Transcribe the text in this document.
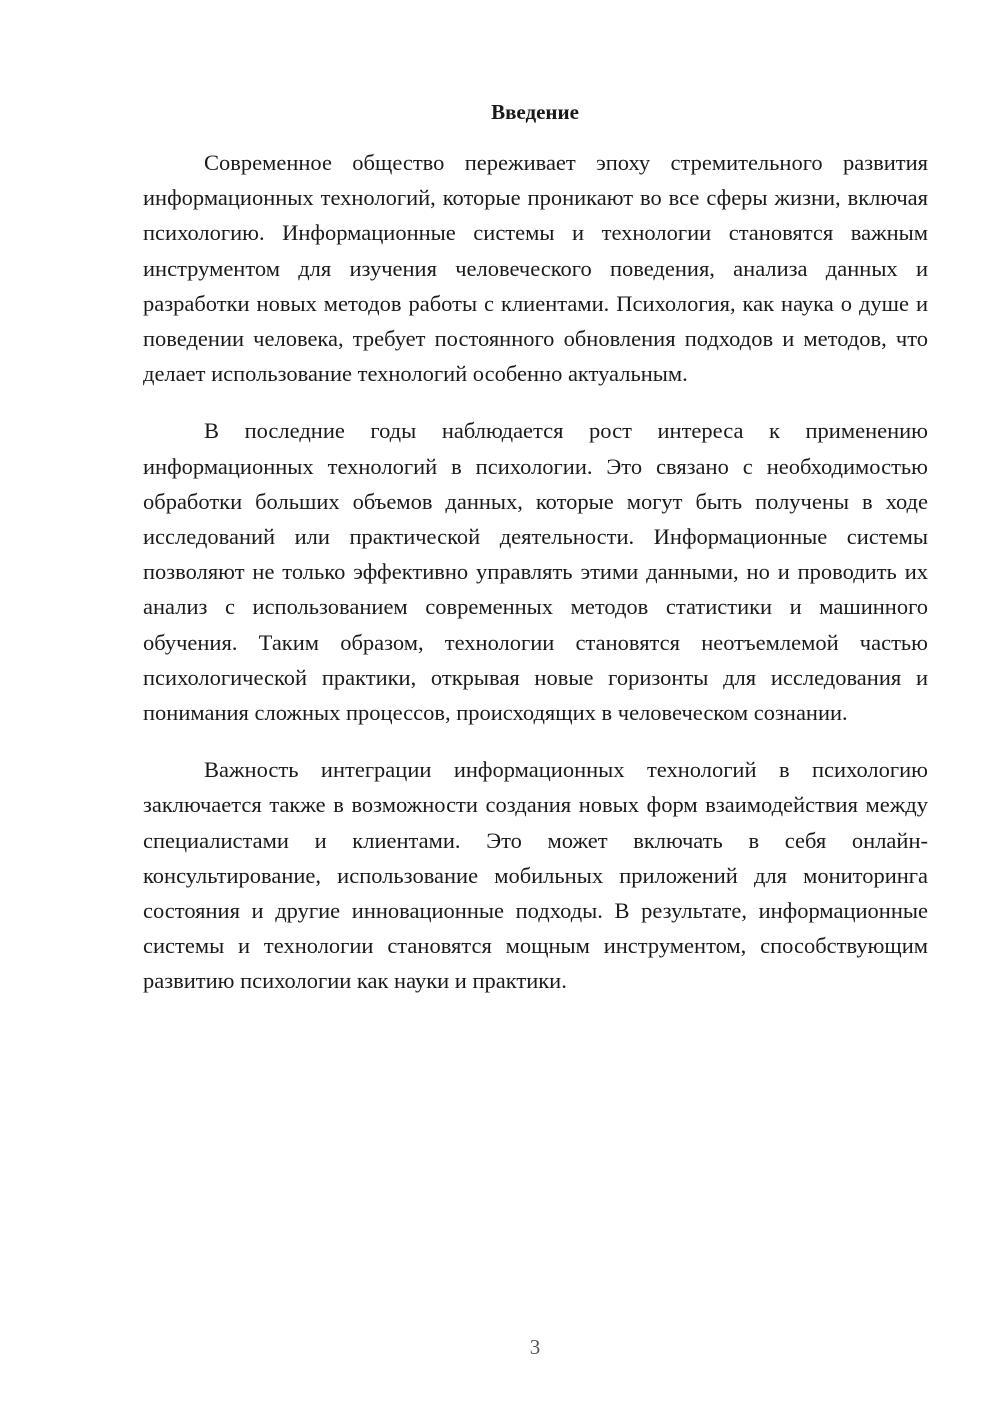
Введение

Современное общество переживает эпоху стремительного развития информационных технологий, которые проникают во все сферы жизни, включая психологию. Информационные системы и технологии становятся важным инструментом для изучения человеческого поведения, анализа данных и разработки новых методов работы с клиентами. Психология, как наука о душе и поведении человека, требует постоянного обновления подходов и методов, что делает использование технологий особенно актуальным.

В последние годы наблюдается рост интереса к применению информационных технологий в психологии. Это связано с необходимостью обработки больших объемов данных, которые могут быть получены в ходе исследований или практической деятельности. Информационные системы позволяют не только эффективно управлять этими данными, но и проводить их анализ с использованием современных методов статистики и машинного обучения. Таким образом, технологии становятся неотъемлемой частью психологической практики, открывая новые горизонты для исследования и понимания сложных процессов, происходящих в человеческом сознании.

Важность интеграции информационных технологий в психологию заключается также в возможности создания новых форм взаимодействия между специалистами и клиентами. Это может включать в себя онлайн-консультирование, использование мобильных приложений для мониторинга состояния и другие инновационные подходы. В результате, информационные системы и технологии становятся мощным инструментом, способствующим развитию психологии как науки и практики.

3
